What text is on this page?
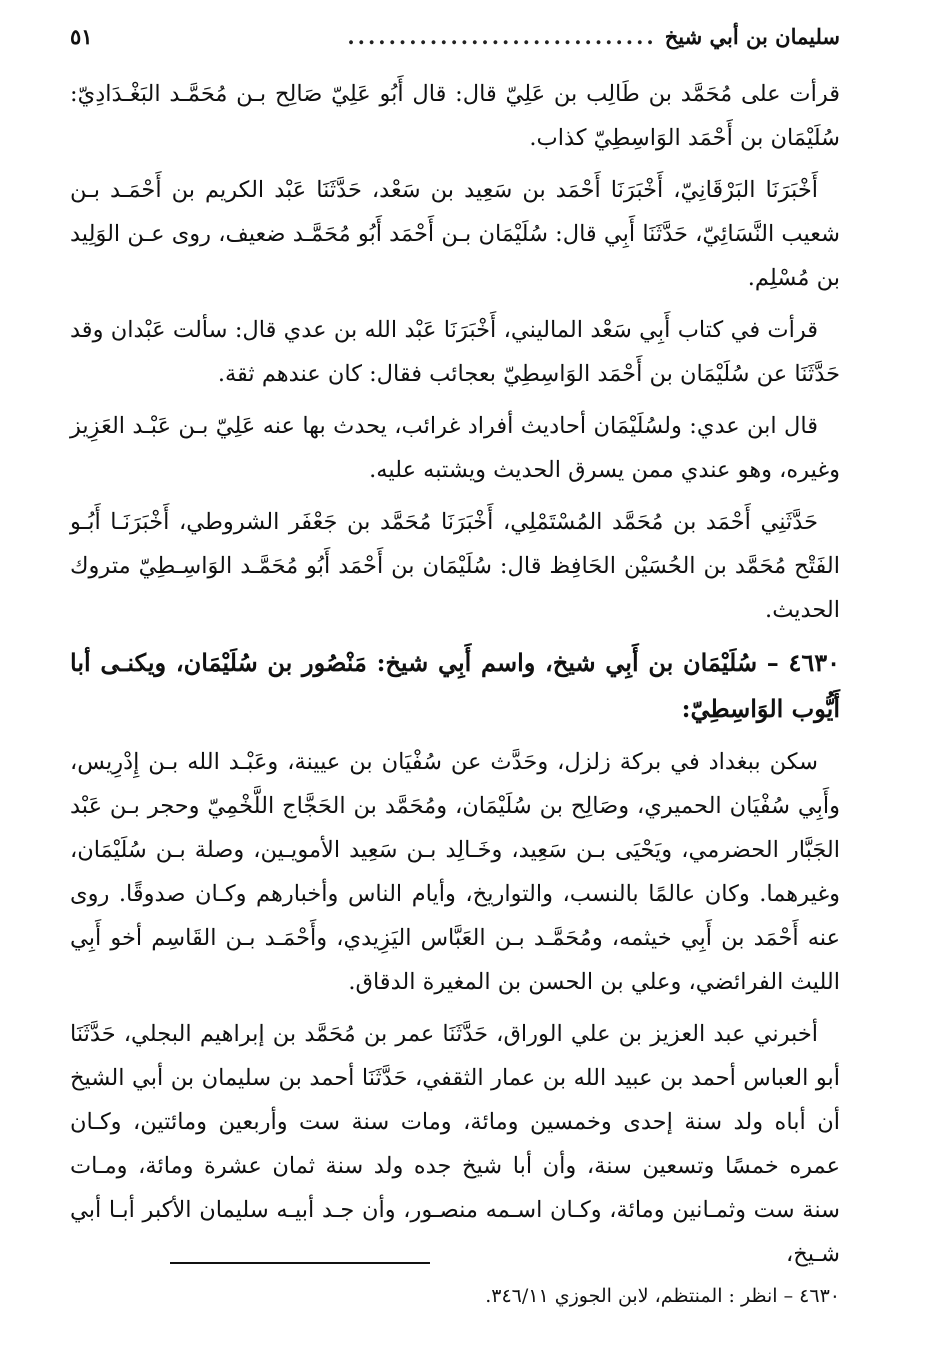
سليمان بن أبي شيخ
..............................
٥١

قرأت على مُحَمَّد بن طَالِب بن عَلِيّ قال: قال أَبُو عَلِيّ صَالِح بـن مُحَمَّـد البَغْـدَادِيّ: سُلَيْمَان بن أَحْمَد الوَاسِطِيّ كذاب.

أَخْبَرَنَا البَرْقَانِيّ، أَخْبَرَنَا أَحْمَد بن سَعِيد بن سَعْد، حَدَّثَنَا عَبْد الكريم بن أَحْمَـد بـن شعيب النَّسَائِيّ، حَدَّثَنَا أَبِي قال: سُلَيْمَان بـن أَحْمَد أَبُو مُحَمَّـد ضعيف، روى عـن الوَلِيد بن مُسْلِم.

قرأت في كتاب أَبِي سَعْد الماليني، أَخْبَرَنَا عَبْد الله بن عدي قال: سألت عَبْدان وقد حَدَّثَنَا عن سُلَيْمَان بن أَحْمَد الوَاسِطِيّ بعجائب فقال: كان عندهم ثقة.

قال ابن عدي: ولسُلَيْمَان أحاديث أفراد غرائب، يحدث بها عنه عَلِيّ بـن عَبْـد العَزِيز وغيره، وهو عندي ممن يسرق الحديث ويشتبه عليه.

حَدَّثَنِي أَحْمَد بن مُحَمَّد المُسْتَمْلِي، أَخْبَرَنَا مُحَمَّد بن جَعْفَر الشروطي، أَخْبَرَنَـا أَبُـو الفَتْح مُحَمَّد بن الحُسَيْن الحَافِظ قال: سُلَيْمَان بن أَحْمَد أَبُو مُحَمَّـد الوَاسِـطِيّ متروك الحديث.

٤٦٣٠ – سُلَيْمَان بن أَبِي شيخ، واسم أَبِي شيخ: مَنْصُور بن سُلَيْمَان، ويكنـى أبا أَيُّوب الوَاسِطِيّ:

سكن ببغداد في بركة زلزل، وحَدَّث عن سُفْيَان بن عيينة، وعَبْـد الله بـن إِدْرِيس، وأَبِي سُفْيَان الحميري، وصَالِح بن سُلَيْمَان، ومُحَمَّد بن الحَجَّاج اللَّخْمِيّ وحجر بـن عَبْد الجَبَّار الحضرمي، ويَحْيَى بـن سَعِيد، وخَـالِد بـن سَعِيد الأمويـين، وصلة بـن سُلَيْمَان، وغيرهما. وكان عالمًا بالنسب، والتواريخ، وأيام الناس وأخبارهم وكـان صدوقًا. روى عنه أَحْمَد بن أَبِي خيثمه، ومُحَمَّـد بـن العَبَّاس اليَزِيدي، وأَحْمَـد بـن القَاسِم أخو أَبِي الليث الفرائضي، وعلي بن الحسن بن المغيرة الدقاق.

أخبرني عبد العزيز بن علي الوراق، حَدَّثَنَا عمر بن مُحَمَّد بن إبراهيم البجلي، حَدَّثَنَا أبو العباس أحمد بن عبيد الله بن عمار الثقفي، حَدَّثَنَا أحمد بن سليمان بن أبي الشيخ أن أباه ولد سنة إحدى وخمسين ومائة، ومات سنة ست وأربعين ومائتين، وكـان عمره خمسًا وتسعين سنة، وأن أبا شيخ جده ولد سنة ثمان عشرة ومائة، ومـات سنة ست وثمـانين ومائة، وكـان اسـمه منصـور، وأن جـد أبيـه سليمان الأكبر أبـا أبي شـيخ،

٤٦٣٠ – انظر : المنتظم، لابن الجوزي ٣٤٦/١١.
